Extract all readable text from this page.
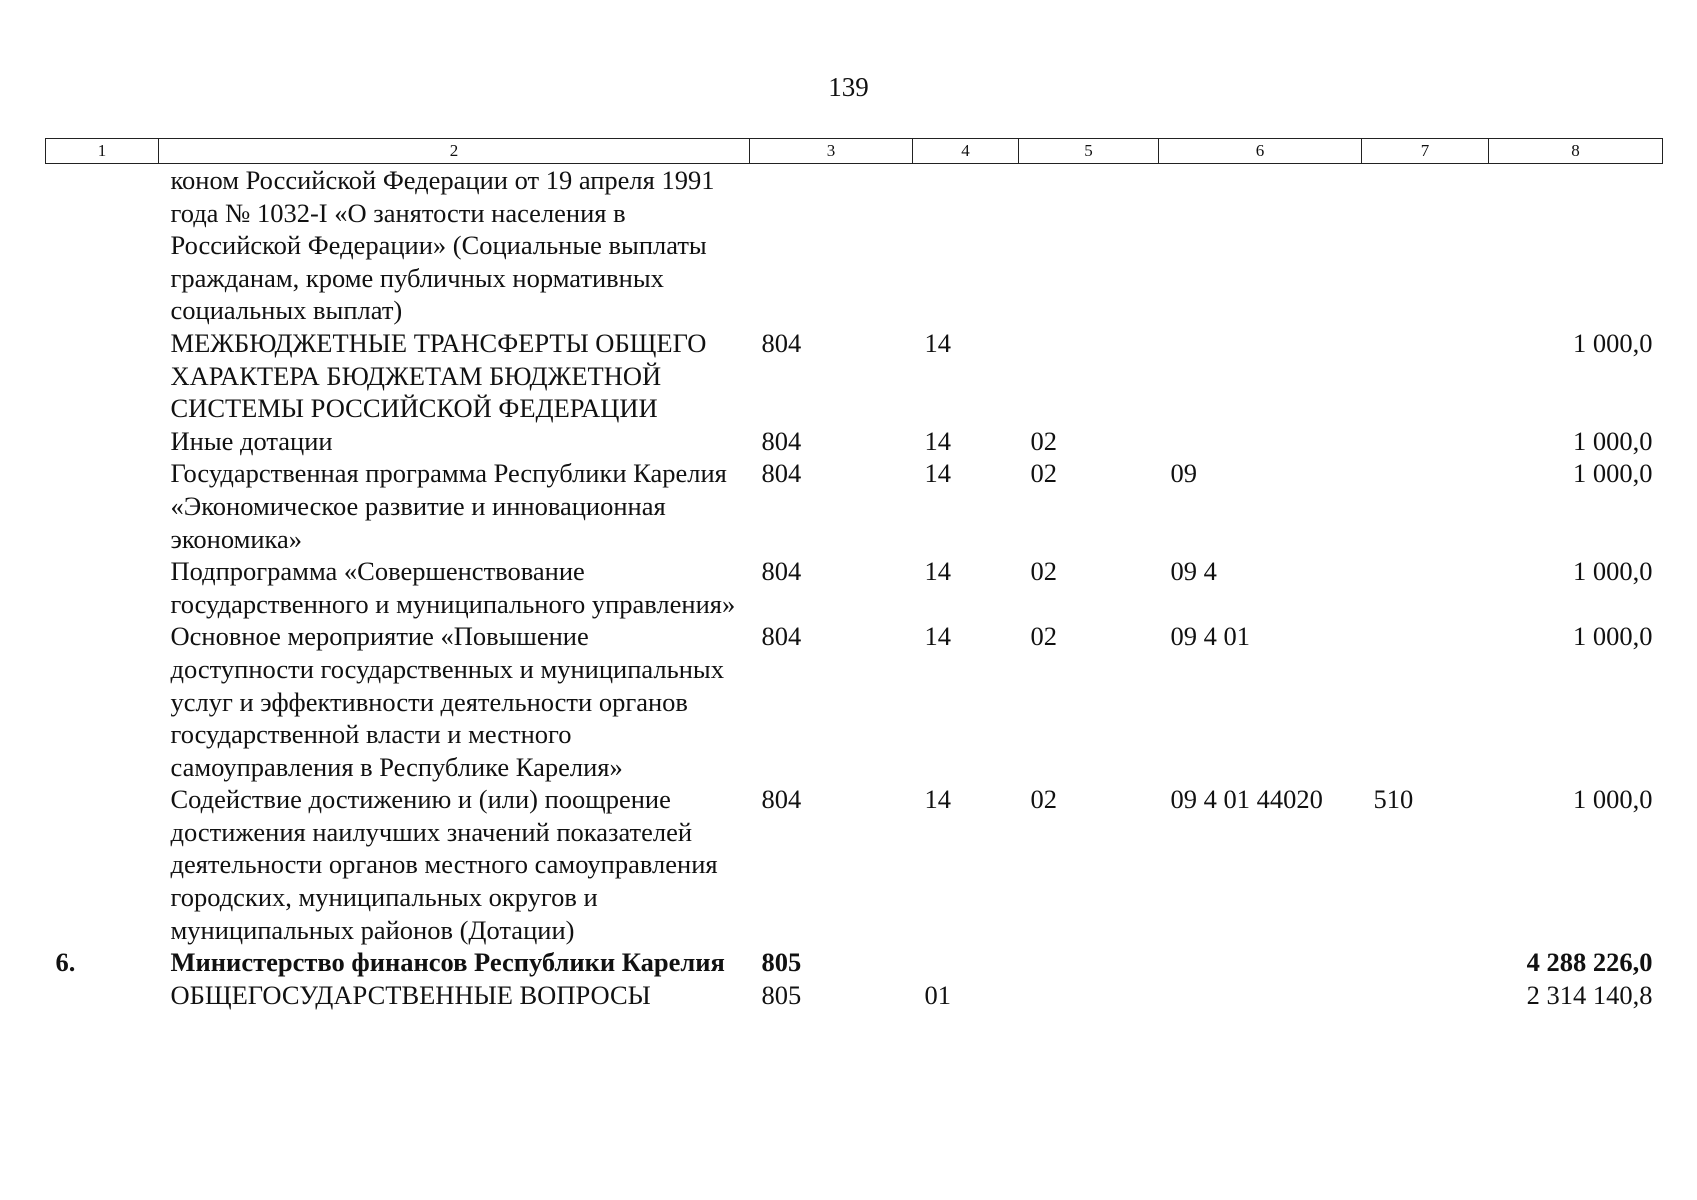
139
1	2	3	4	5	6	7	8
	коном Российской Федерации от 19 апреля 1991 года № 1032-I «О занятости населения в Российской Федерации» (Социальные выплаты гражданам, кроме публичных нормативных социальных выплат)						
	МЕЖБЮДЖЕТНЫЕ ТРАНСФЕРТЫ ОБЩЕГО ХАРАКТЕРА БЮДЖЕТАМ БЮДЖЕТНОЙ СИСТЕМЫ РОССИЙСКОЙ ФЕДЕРАЦИИ	804	14				1 000,0
	Иные дотации	804	14	02			1 000,0
	Государственная программа Республики Карелия «Экономическое развитие и инновационная экономика»	804	14	02	09		1 000,0
	Подпрограмма «Совершенствование государственного и муниципального управления»	804	14	02	09 4		1 000,0
	Основное мероприятие «Повышение доступности государственных и муниципальных услуг и эффективности деятельности органов государственной власти и местного самоуправления в Республике Карелия»	804	14	02	09 4 01		1 000,0
	Содействие достижению и (или) поощрение достижения наилучших значений показателей деятельности органов местного самоуправления городских, муниципальных округов и муниципальных районов (Дотации)	804	14	02	09 4 01 44020	510	1 000,0
6.	Министерство финансов Республики Карелия	805					4 288 226,0
	ОБЩЕГОСУДАРСТВЕННЫЕ ВОПРОСЫ	805	01				2 314 140,8
